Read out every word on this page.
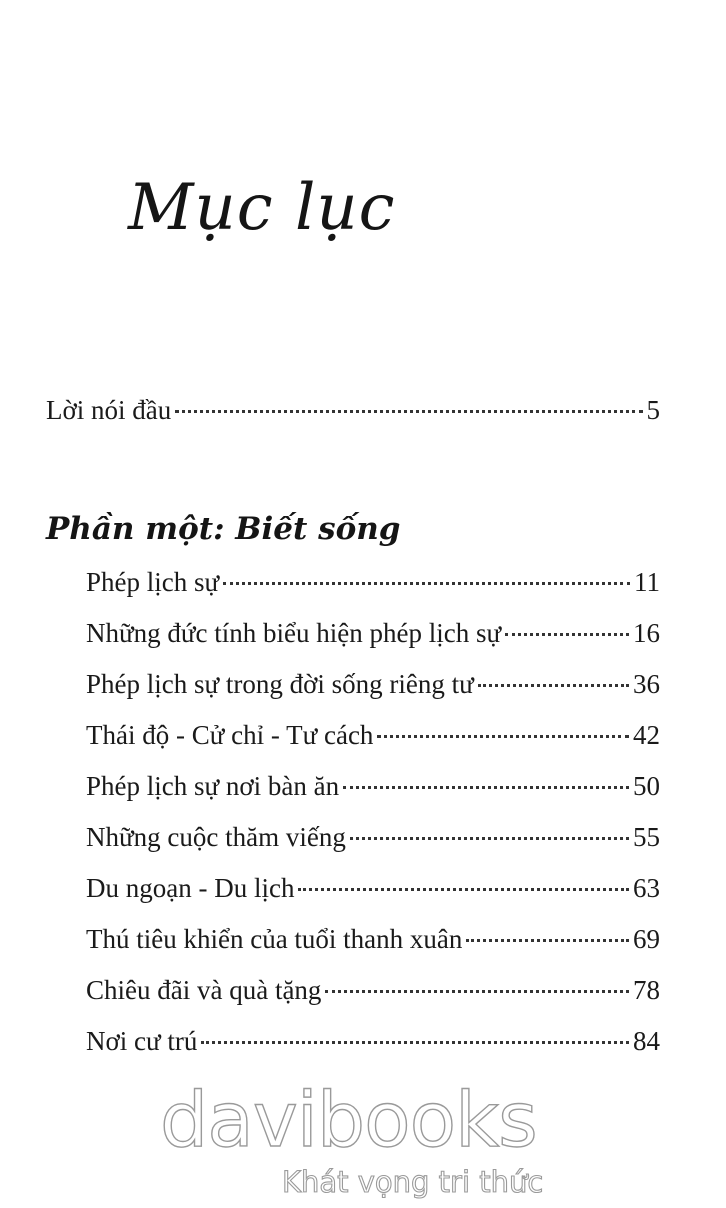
Mục lục
Lời nói đầu	5
Phần một: Biết sống
Phép lịch sự	11
Những đức tính biểu hiện phép lịch sự	16
Phép lịch sự trong đời sống riêng tư	36
Thái độ - Cử chỉ - Tư cách	42
Phép lịch sự nơi bàn ăn	50
Những cuộc thăm viếng	55
Du ngoạn - Du lịch	63
Thú tiêu khiển của tuổi thanh xuân	69
Chiêu đãi và quà tặng	78
Nơi cư trú	84
davibooks
Khát vọng tri thức
